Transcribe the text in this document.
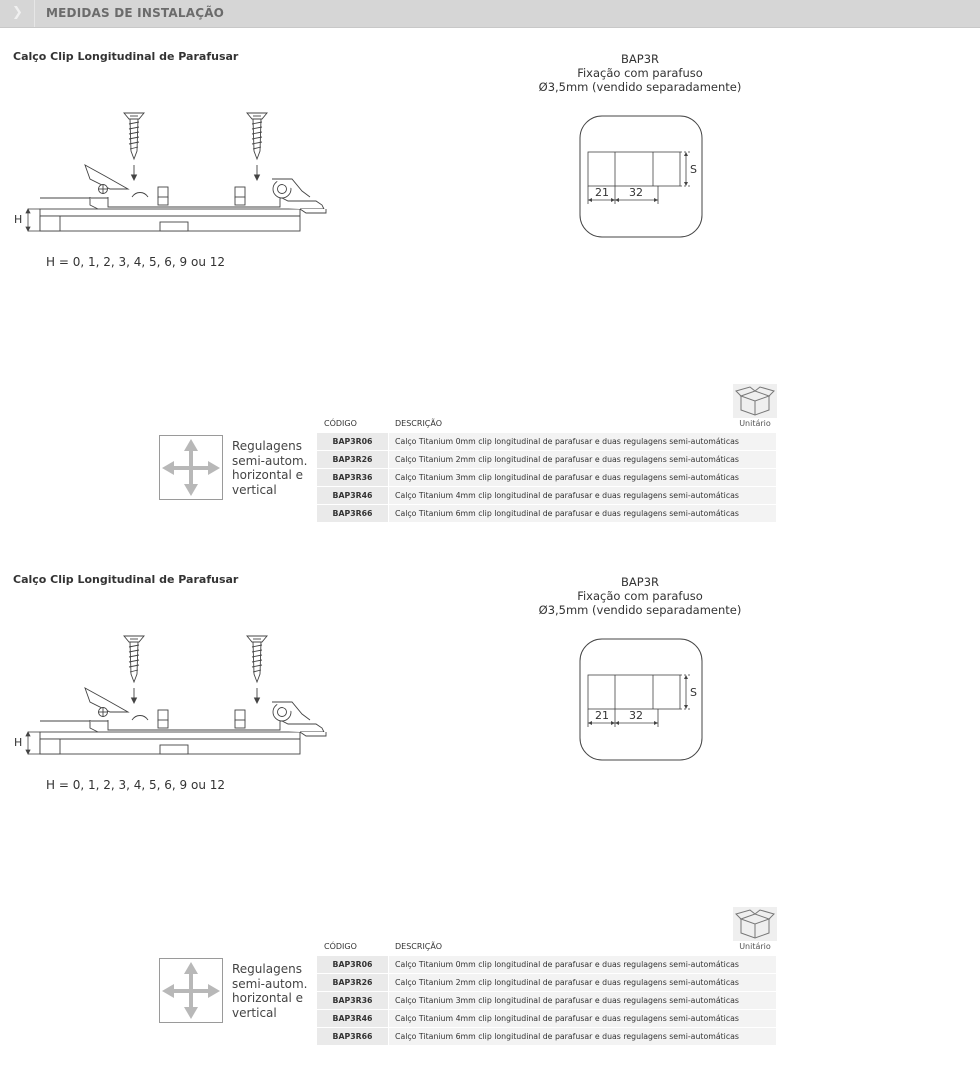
❯ MEDIDAS DE INSTALAÇÃO
Calço Clip Longitudinal de Parafusar
H
H = 0, 1, 2, 3, 4, 5, 6, 9 ou 12
BAP3R
Fixação com parafuso
Ø3,5mm (vendido separadamente)
21 32
S
Unitário
Regulagens
semi-autom.
horizontal e
vertical
CÓDIGO	DESCRIÇÃO
BAP3R06	Calço Titanium 0mm clip longitudinal de parafusar e duas regulagens semi-automáticas
BAP3R26	Calço Titanium 2mm clip longitudinal de parafusar e duas regulagens semi-automáticas
BAP3R36	Calço Titanium 3mm clip longitudinal de parafusar e duas regulagens semi-automáticas
BAP3R46	Calço Titanium 4mm clip longitudinal de parafusar e duas regulagens semi-automáticas
BAP3R66	Calço Titanium 6mm clip longitudinal de parafusar e duas regulagens semi-automáticas
Calço Clip Longitudinal de Parafusar
H
H = 0, 1, 2, 3, 4, 5, 6, 9 ou 12
BAP3R
Fixação com parafuso
Ø3,5mm (vendido separadamente)
21 32
S
Unitário
Regulagens
semi-autom.
horizontal e
vertical
CÓDIGO	DESCRIÇÃO
BAP3R06	Calço Titanium 0mm clip longitudinal de parafusar e duas regulagens semi-automáticas
BAP3R26	Calço Titanium 2mm clip longitudinal de parafusar e duas regulagens semi-automáticas
BAP3R36	Calço Titanium 3mm clip longitudinal de parafusar e duas regulagens semi-automáticas
BAP3R46	Calço Titanium 4mm clip longitudinal de parafusar e duas regulagens semi-automáticas
BAP3R66	Calço Titanium 6mm clip longitudinal de parafusar e duas regulagens semi-automáticas
